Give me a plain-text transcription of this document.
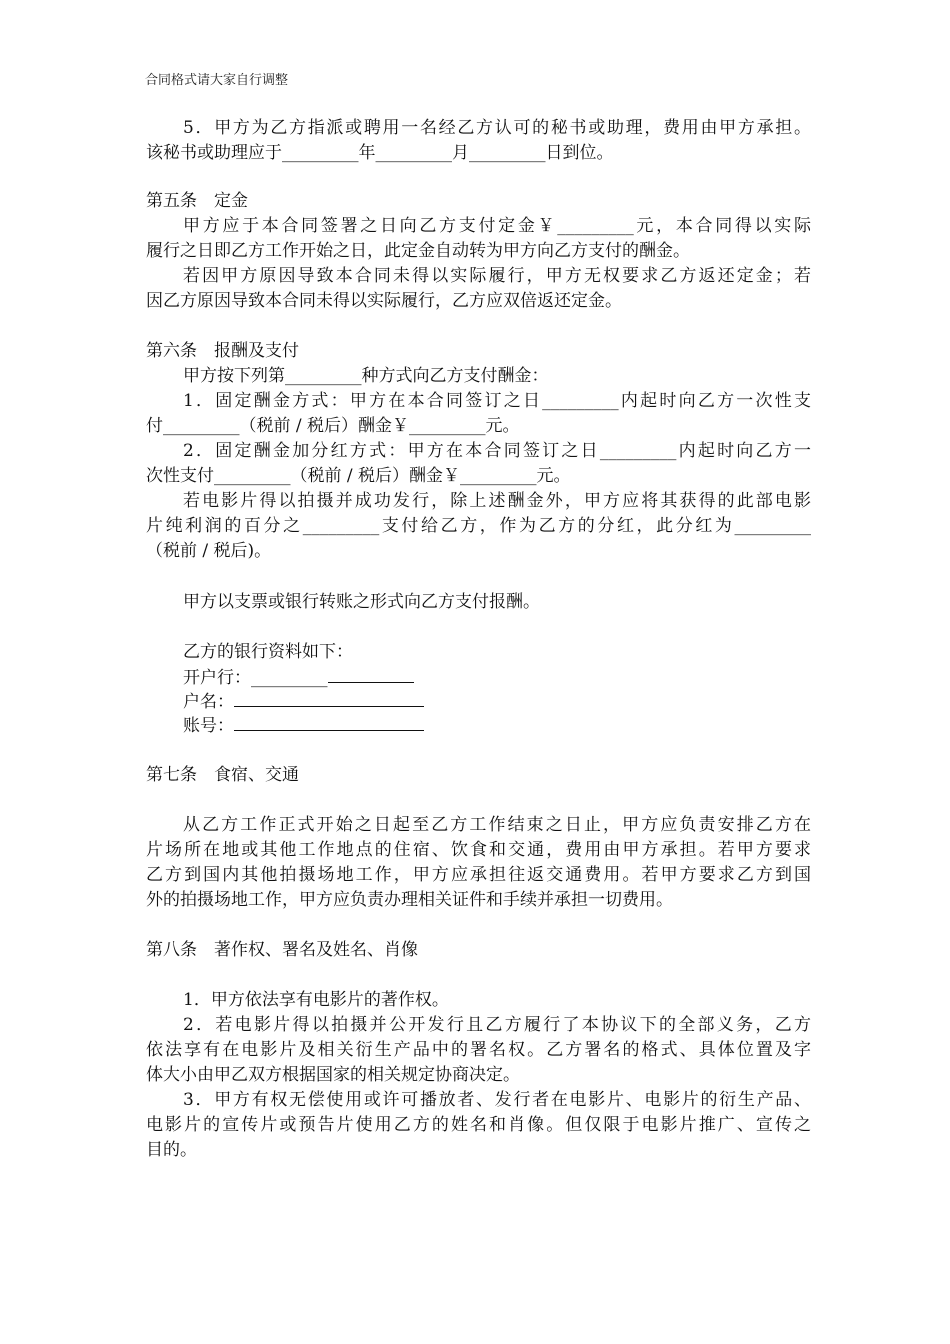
合同格式请大家自行调整
5．甲方为乙方指派或聘用一名经乙方认可的秘书或助理，费用由甲方承担。
该秘书或助理应于_________年_________月_________日到位。
第五条　定金
甲方应于本合同签署之日向乙方支付定金￥_________元，本合同得以实际
履行之日即乙方工作开始之日，此定金自动转为甲方向乙方支付的酬金。
若因甲方原因导致本合同未得以实际履行，甲方无权要求乙方返还定金；若
因乙方原因导致本合同未得以实际履行，乙方应双倍返还定金。
第六条　报酬及支付
甲方按下列第_________种方式向乙方支付酬金：
1．固定酬金方式：甲方在本合同签订之日_________内起时向乙方一次性支
付_________（税前 / 税后）酬金￥_________元。
2．固定酬金加分红方式：甲方在本合同签订之日_________内起时向乙方一
次性支付_________（税前 / 税后）酬金￥_________元。
若电影片得以拍摄并成功发行，除上述酬金外，甲方应将其获得的此部电影
片纯利润的百分之_________支付给乙方，作为乙方的分红，此分红为_________
（税前 / 税后)。
甲方以支票或银行转账之形式向乙方支付报酬。
乙方的银行资料如下：
开户行：_________
户名：
账号：
第七条　食宿、交通
从乙方工作正式开始之日起至乙方工作结束之日止，甲方应负责安排乙方在
片场所在地或其他工作地点的住宿、饮食和交通，费用由甲方承担。若甲方要求
乙方到国内其他拍摄场地工作，甲方应承担往返交通费用。若甲方要求乙方到国
外的拍摄场地工作，甲方应负责办理相关证件和手续并承担一切费用。
第八条　著作权、署名及姓名、肖像
1．甲方依法享有电影片的著作权。
2．若电影片得以拍摄并公开发行且乙方履行了本协议下的全部义务，乙方
依法享有在电影片及相关衍生产品中的署名权。乙方署名的格式、具体位置及字
体大小由甲乙双方根据国家的相关规定协商决定。
3．甲方有权无偿使用或许可播放者、发行者在电影片、电影片的衍生产品、
电影片的宣传片或预告片使用乙方的姓名和肖像。但仅限于电影片推广、宣传之
目的。
